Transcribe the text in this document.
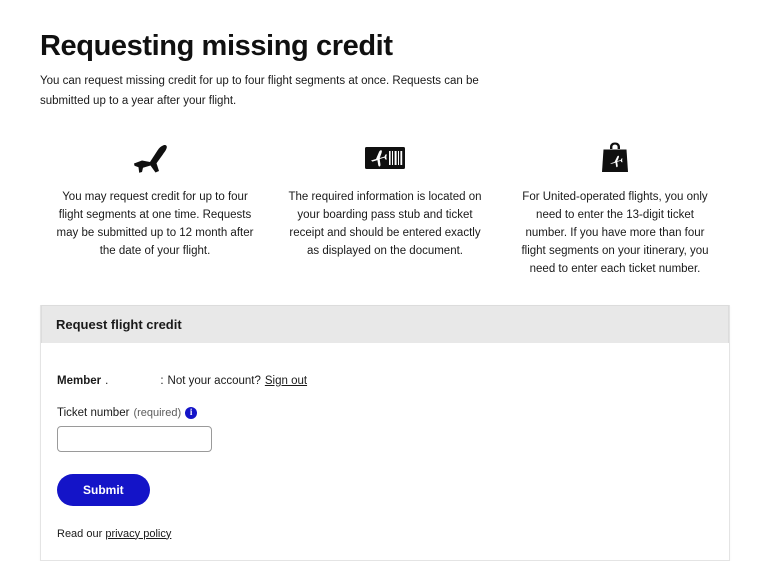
Requesting missing credit

You can request missing credit for up to four flight segments at once. Requests can be submitted up to a year after your flight.

You may request credit for up to four flight segments at one time. Requests may be submitted up to 12 month after the date of your flight.
The required information is located on your boarding pass stub and ticket receipt and should be entered exactly as displayed on the document.
For United-operated flights, you only need to enter the 13-digit ticket number. If you have more than four flight segments on your itinerary, you need to enter each ticket number.
Request flight credit
Member .	: Not your account? Sign out
Ticket number (required) i
Submit
Read our privacy policy
